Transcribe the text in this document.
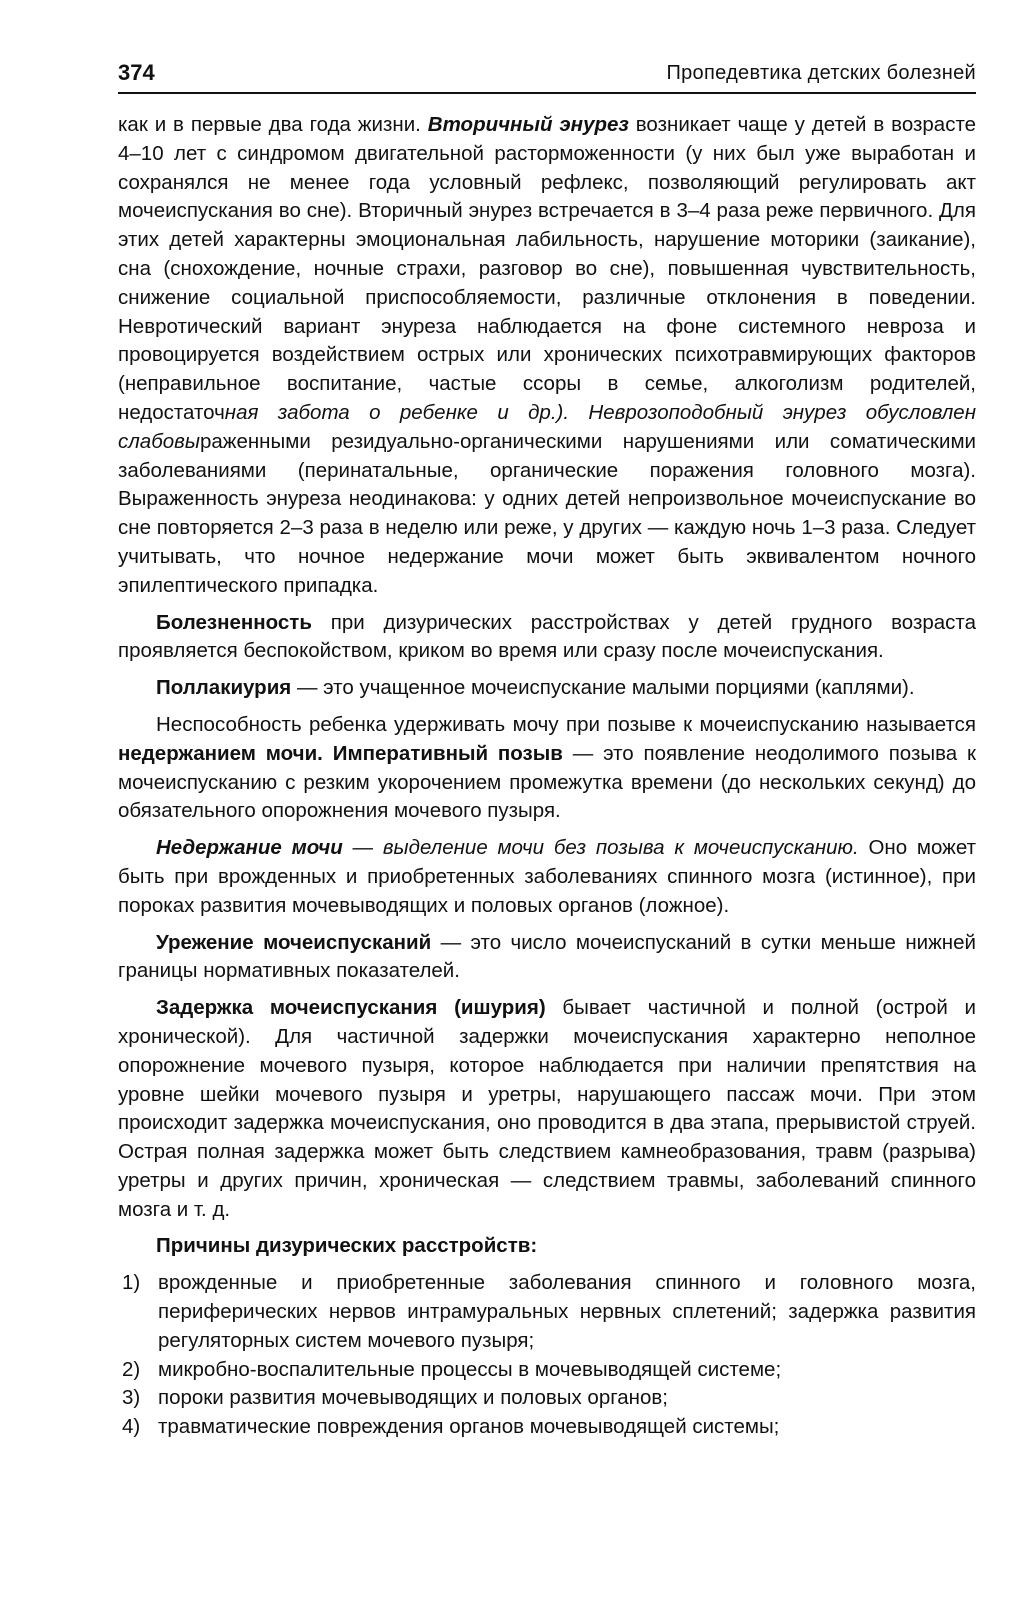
374	Пропедевтика детских болезней

как и в первые два года жизни. Вторичный энурез возникает чаще у детей в возрасте 4–10 лет с синдромом двигательной расторможенности (у них был уже выработан и сохранялся не менее года условный рефлекс, позволяющий регулировать акт мочеиспускания во сне). Вторичный энурез встречается в 3–4 раза реже первичного. Для этих детей характерны эмоциональная лабильность, нарушение моторики (заикание), сна (снохождение, ночные страхи, разговор во сне), повышенная чувствительность, снижение социальной приспособляемости, различные отклонения в поведении. Невротический вариант энуреза наблюдается на фоне системного невроза и провоцируется воздействием острых или хронических психотравмирующих факторов (неправильное воспитание, частые ссоры в семье, алкоголизм родителей, недостаточная забота о ребенке и др.). Неврозоподобный энурез обусловлен слабовыраженными резидуально-органическими нарушениями или соматическими заболеваниями (перинатальные, органические поражения головного мозга). Выраженность энуреза неодинакова: у одних детей непроизвольное мочеиспускание во сне повторяется 2–3 раза в неделю или реже, у других — каждую ночь 1–3 раза. Следует учитывать, что ночное недержание мочи может быть эквивалентом ночного эпилептического припадка.

Болезненность при дизурических расстройствах у детей грудного возраста проявляется беспокойством, криком во время или сразу после мочеиспускания.

Поллакиурия — это учащенное мочеиспускание малыми порциями (каплями).

Неспособность ребенка удерживать мочу при позыве к мочеиспусканию называется недержанием мочи. Императивный позыв — это появление неодолимого позыва к мочеиспусканию с резким укорочением промежутка времени (до нескольких секунд) до обязательного опорожнения мочевого пузыря.

Недержание мочи — выделение мочи без позыва к мочеиспусканию. Оно может быть при врожденных и приобретенных заболеваниях спинного мозга (истинное), при пороках развития мочевыводящих и половых органов (ложное).

Урежение мочеиспусканий — это число мочеиспусканий в сутки меньше нижней границы нормативных показателей.

Задержка мочеиспускания (ишурия) бывает частичной и полной (острой и хронической). Для частичной задержки мочеиспускания характерно неполное опорожнение мочевого пузыря, которое наблюдается при наличии препятствия на уровне шейки мочевого пузыря и уретры, нарушающего пассаж мочи. При этом происходит задержка мочеиспускания, оно проводится в два этапа, прерывистой струей. Острая полная задержка может быть следствием камнеобразования, травм (разрыва) уретры и других причин, хроническая — следствием травмы, заболеваний спинного мозга и т. д.

Причины дизурических расстройств:

1) врожденные и приобретенные заболевания спинного и головного мозга, периферических нервов интрамуральных нервных сплетений; задержка развития регуляторных систем мочевого пузыря;
2) микробно-воспалительные процессы в мочевыводящей системе;
3) пороки развития мочевыводящих и половых органов;
4) травматические повреждения органов мочевыводящей системы;
